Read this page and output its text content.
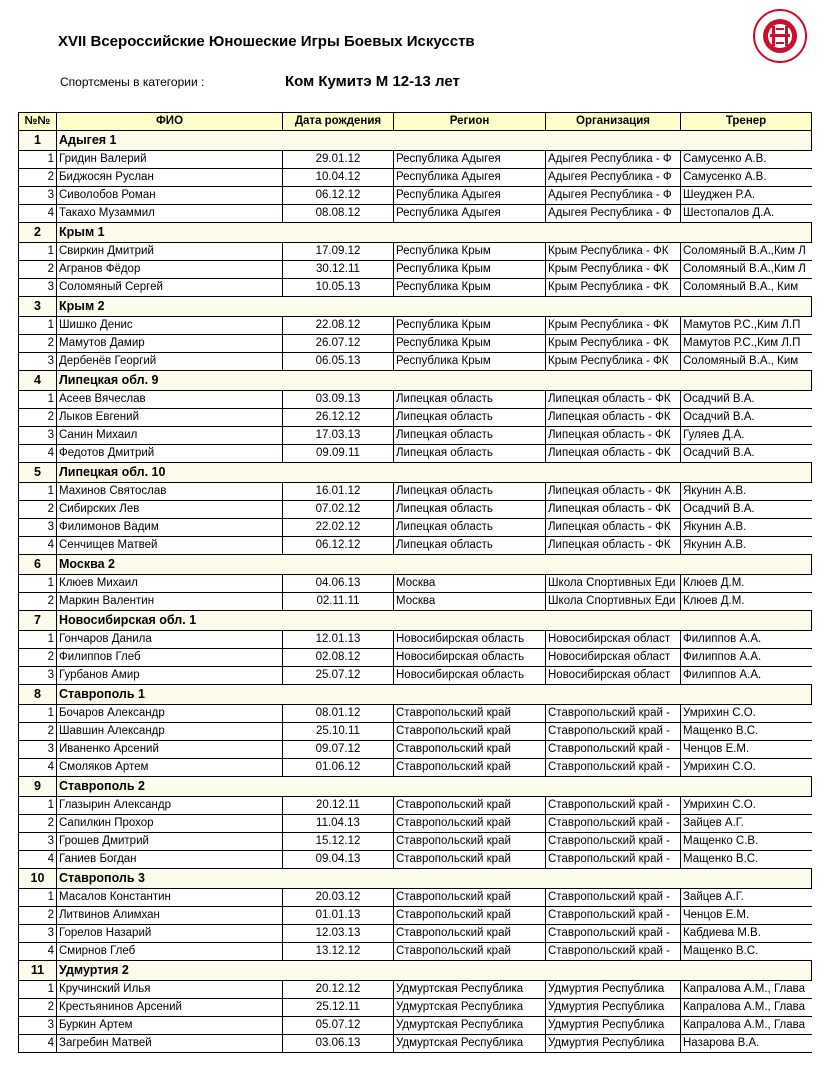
XVII Всероссийские Юношеские Игры Боевых Искусств
Спортсмены в категории :	Ком Кумитэ М 12-13 лет
№№	ФИО	Дата рождения	Регион	Организация	Тренер
1	Адыгея 1				
1	Гридин Валерий	29.01.12	Республика Адыгея	Адыгея Республика - Ф	Самусенко А.В.
2	Биджосян Руслан	10.04.12	Республика Адыгея	Адыгея Республика - Ф	Самусенко А.В.
3	Сиволобов Роман	06.12.12	Республика Адыгея	Адыгея Республика - Ф	Шеуджен Р.А.
4	Такахо Музаммил	08.08.12	Республика Адыгея	Адыгея Республика - Ф	Шестопалов Д.А.
2	Крым 1				
1	Свиркин Дмитрий	17.09.12	Республика Крым	Крым Республика - ФК	Соломяный В.А.,Ким Л
2	Агранов Фёдор	30.12.11	Республика Крым	Крым Республика - ФК	Соломяный В.А.,Ким Л
3	Соломяный Сергей	10.05.13	Республика Крым	Крым Республика - ФК	Соломяный В.А., Ким
3	Крым 2				
1	Шишко Денис	22.08.12	Республика Крым	Крым Республика - ФК	Мамутов Р.С.,Ким Л.П
2	Мамутов Дамир	26.07.12	Республика Крым	Крым Республика - ФК	Мамутов Р.С.,Ким Л.П
3	Дербенёв Георгий	06.05.13	Республика Крым	Крым Республика - ФК	Соломяный В.А., Ким
4	Липецкая обл. 9				
1	Асеев Вячеслав	03.09.13	Липецкая область	Липецкая область - ФК	Осадчий В.А.
2	Лыков Евгений	26.12.12	Липецкая область	Липецкая область - ФК	Осадчий В.А.
3	Санин Михаил	17.03.13	Липецкая область	Липецкая область - ФК	Гуляев Д.А.
4	Федотов Дмитрий	09.09.11	Липецкая область	Липецкая область - ФК	Осадчий В.А.
5	Липецкая обл. 10				
1	Махинов Святослав	16.01.12	Липецкая область	Липецкая область - ФК	Якунин А.В.
2	Сибирских Лев	07.02.12	Липецкая область	Липецкая область - ФК	Осадчий В.А.
3	Филимонов Вадим	22.02.12	Липецкая область	Липецкая область - ФК	Якунин А.В.
4	Сенчищев Матвей	06.12.12	Липецкая область	Липецкая область - ФК	Якунин А.В.
6	Москва 2				
1	Клюев Михаил	04.06.13	Москва	Школа Спортивных Еди	Клюев Д.М.
2	Маркин Валентин	02.11.11	Москва	Школа Спортивных Еди	Клюев Д.М.
7	Новосибирская обл. 1				
1	Гончаров Данила	12.01.13	Новосибирская область	Новосибирская област	Филиппов А.А.
2	Филиппов Глеб	02.08.12	Новосибирская область	Новосибирская област	Филиппов А.А.
3	Гурбанов Амир	25.07.12	Новосибирская область	Новосибирская област	Филиппов А.А.
8	Ставрополь 1				
1	Бочаров Александр	08.01.12	Ставропольский край	Ставропольский край -	Умрихин С.О.
2	Шавшин Александр	25.10.11	Ставропольский край	Ставропольский край -	Мащенко В.С.
3	Иваненко Арсений	09.07.12	Ставропольский край	Ставропольский край -	Ченцов Е.М.
4	Смоляков Артем	01.06.12	Ставропольский край	Ставропольский край -	Умрихин С.О.
9	Ставрополь 2				
1	Глазырин Александр	20.12.11	Ставропольский край	Ставропольский край -	Умрихин С.О.
2	Сапилкин Прохор	11.04.13	Ставропольский край	Ставропольский край -	Зайцев А.Г.
3	Грошев Дмитрий	15.12.12	Ставропольский край	Ставропольский край -	Мащенко С.В.
4	Ганиев Богдан	09.04.13	Ставропольский край	Ставропольский край -	Мащенко В.С.
10	Ставрополь 3				
1	Масалов Константин	20.03.12	Ставропольский край	Ставропольский край -	Зайцев А.Г.
2	Литвинов Алимхан	01.01.13	Ставропольский край	Ставропольский край -	Ченцов Е.М.
3	Горелов Назарий	12.03.13	Ставропольский край	Ставропольский край -	Кабдиева М.В.
4	Смирнов Глеб	13.12.12	Ставропольский край	Ставропольский край -	Мащенко В.С.
11	Удмуртия 2				
1	Кручинский Илья	20.12.12	Удмуртская Республика	Удмуртия Республика	Капралова А.М., Глава
2	Крестьянинов Арсений	25.12.11	Удмуртская Республика	Удмуртия Республика	Капралова А.М., Глава
3	Буркин Артем	05.07.12	Удмуртская Республика	Удмуртия Республика	Капралова А.М., Глава
4	Загребин Матвей	03.06.13	Удмуртская Республика	Удмуртия Республика	Назарова В.А.
